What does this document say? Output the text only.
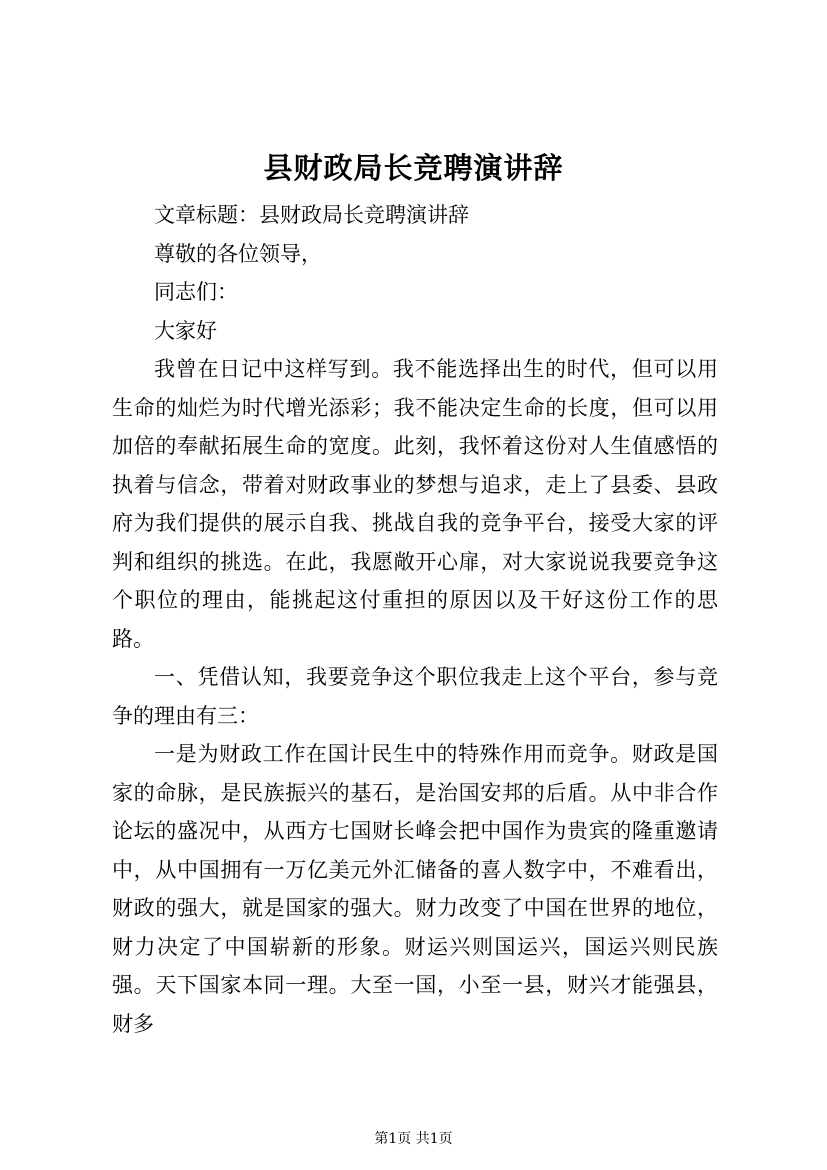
县财政局长竞聘演讲辞

文章标题：县财政局长竞聘演讲辞

尊敬的各位领导，

同志们：

大家好

我曾在日记中这样写到。我不能选择出生的时代，但可以用生命的灿烂为时代增光添彩；我不能决定生命的长度，但可以用加倍的奉献拓展生命的宽度。此刻，我怀着这份对人生值感悟的执着与信念，带着对财政事业的梦想与追求，走上了县委、县政府为我们提供的展示自我、挑战自我的竞争平台，接受大家的评判和组织的挑选。在此，我愿敞开心扉，对大家说说我要竞争这个职位的理由，能挑起这付重担的原因以及干好这份工作的思路。

一、凭借认知，我要竞争这个职位我走上这个平台，参与竞争的理由有三：

一是为财政工作在国计民生中的特殊作用而竞争。财政是国家的命脉，是民族振兴的基石，是治国安邦的后盾。从中非合作论坛的盛况中，从西方七国财长峰会把中国作为贵宾的隆重邀请中，从中国拥有一万亿美元外汇储备的喜人数字中，不难看出，财政的强大，就是国家的强大。财力改变了中国在世界的地位，财力决定了中国崭新的形象。财运兴则国运兴，国运兴则民族强。天下国家本同一理。大至一国，小至一县，财兴才能强县，财多

第1页 共1页
